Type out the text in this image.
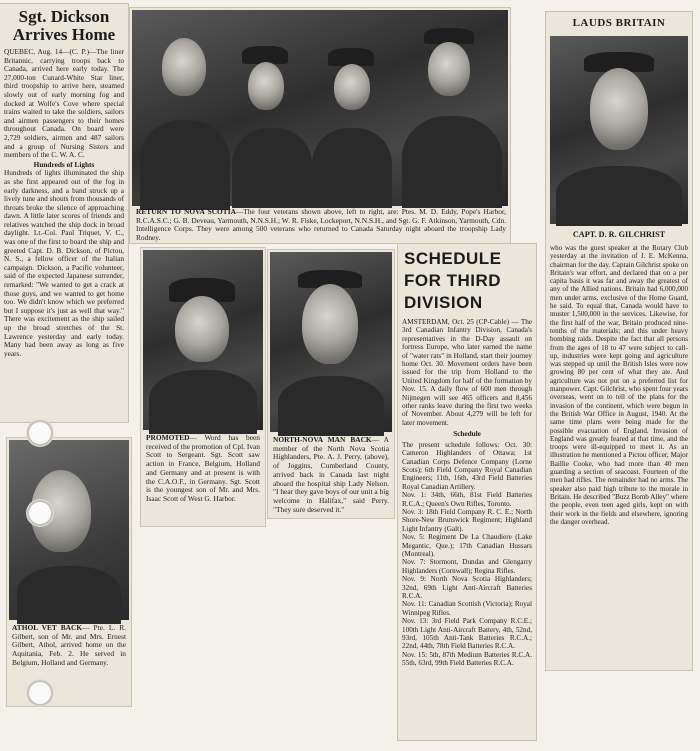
Sgt. Dickson
Arrives Home

QUEBEC, Aug. 14—(C. P.)—The liner Britannic, carrying troops back to Canada, arrived here early today. The 27,000-ton Cunard-White Star liner, third troopship to arrive here, steamed slowly out of early morning fog and docked at Wolfe's Cove where special trains waited to take the soldiers, sailors and airmen passengers to their homes throughout Canada. On board were 2,729 soldiers, airmen and 487 sailors and a group of Nursing Sisters and members of the C. W. A. C.

Hundreds of Lights

Hundreds of lights illuminated the ship as she first appeared out of the fog in early darkness, and a band struck up a lively tune and shouts from thousands of throats broke the silence of approaching dawn. A little later scores of friends and relatives watched the ship dock in broad daylight. Lt.-Col. Paul Triquet, V. C., was one of the first to board the ship and greeted Capt. D. B. Dickson, of Pictou, N. S., a fellow officer of the Italian campaign. Dickson, a Pacific volunteer, said of the expected Japanese surrender, remarked: "We wanted to get a crack at those guys, and we wanted to get home too. We didn't know which we preferred but I suppose it's just as well that way." There was excitement as the ship sailed up the broad stretches of the St. Lawrence yesterday and early today. Many had been away as long as five years.

RETURN TO NOVA SCOTIA—The four veterans shown above, left to right, are: Ptes. M. D. Eddy, Pope's Harbor, R.C.A.S.C.; G. B. Deveau, Yarmouth, N.N.S.H.; W. R. Fiske, Lockeport, N.N.S.H., and Sgt. G. F. Atkinson, Yarmouth, Cdn. Intelligence Corps. They were among 500 veterans who returned to Canada Saturday night aboard the troopship Lady Rodney.

PROMOTED— Word has been received of the promotion of Cpl. Ivan Scott to Sergeant. Sgt. Scott saw action in France, Belgium, Holland and Germany and at present is with the C.A.O.F., in Germany. Sgt. Scott is the youngest son of Mr. and Mrs. Isaac Scott of West G. Harbor.

NORTH-NOVA MAN BACK— A member of the North Nova Scotia Highlanders, Pte. A. J. Perry, (above), of Joggins, Cumberland County, arrived back in Canada last night aboard the hospital ship Lady Nelson. "I hear they gave boys of our unit a big welcome in Halifax," said Perry. "They sure deserved it."

ATHOL VET BACK— Pte. L. R. Gilbert, son of Mr. and Mrs. Ernest Gilbert, Athol, arrived home on the Aquitania, Feb. 2. He served in Belgium, Holland and Germany.

SCHEDULE
FOR THIRD
DIVISION

AMSTERDAM, Oct. 25 (CP-Cable) — The 3rd Canadian Infantry Division, Canada's representatives in the D-Day assault on fortress Europe, who later earned the name of "water rats" in Holland, start their journey home Oct. 30. Movement orders have been issued for the trip from Holland to the United Kingdom for half of the formation by Nov. 15. A daily flow of 600 men through Nijmegen will see 465 officers and 8,456 other ranks leave during the first two weeks of November. About 4,279 will be left for later movement.

Schedule

The present schedule follows: Oct. 30: Cameron Highlanders of Ottawa; 1st Canadian Corps Defence Company (Lorne Scots); 6th Field Company Royal Canadian Engineers; 11th, 16th, 43rd Field Batteries Royal Canadian Artillery.

Nov. 1: 34th, 66th, 81st Field Batteries R.C.A.; Queen's Own Rifles, Toronto.

Nov. 3: 18th Field Company R. C. E.; North Shore-New Brunswick Regiment; Highland Light Infantry (Galt).

Nov. 5: Regiment De La Chaudiere (Lake Megantic, Que.); 17th Canadian Hussars (Montreal).

Nov. 7: Stormont, Dundas and Glengarry Highlanders (Cornwall); Regina Rifles.

Nov. 9: North Nova Scotia Highlanders; 32nd, 69th Light Anti-Aircraft Batteries R.C.A.

Nov. 11: Canadian Scottish (Victoria); Royal Winnipeg Rifles.

Nov. 13: 3rd Field Park Company R.C.E.; 100th Light Anti-Aircraft Battery, 4th, 52nd, 93rd, 105th Anti-Tank Batteries R.C.A.; 22nd, 44th, 78th Field Batteries R.C.A.

Nov. 15: 5th, 87th Medium Batteries R.C.A. 55th, 63rd, 99th Field Batteries R.C.A.

LAUDS BRITAIN
CAPT. D. R. GILCHRIST

who was the guest speaker at the Rotary Club yesterday at the invitation of J. E. McKenna, chairman for the day. Captain Gilchrist spoke on Britain's war effort, and declared that on a per capita basis it was far and away the greatest of any of the Allied nations. Britain had 6,000,000 men under arms, exclusive of the Home Guard, he said. To equal that, Canada would have to muster 1,500,000 in the services. Likewise, for the first half of the war, Britain produced nine-tenths of the materials; and this under heavy bombing raids. Despite the fact that all persons from the ages of 18 to 47 were subject to call-up, industries were kept going and agriculture was stepped up until the British Isles were now growing 80 per cent of what they ate. And agriculture was not put on a preferred list for manpower. Capt. Gilchrist, who spent four years overseas, went on to tell of the plans for the invasion of the continent, which were begun in the British War Office in August, 1940. At the same time plans were being made for the possible evacuation of England. Invasion of England was greatly feared at that time, and the troops were ill-equipped to meet it. As an illustration he mentioned a Pictou officer, Major Baillie Cooke, who had more than 40 men guarding a section of seacoast. Fourteen of the men had rifles. The remainder had no arms. The speaker also paid high tribute to the morale in Britain. He described "Buzz Bomb Alley" where the people, even teen aged girls, kept on with their work in the fields and elsewhere, ignoring the danger overhead.
